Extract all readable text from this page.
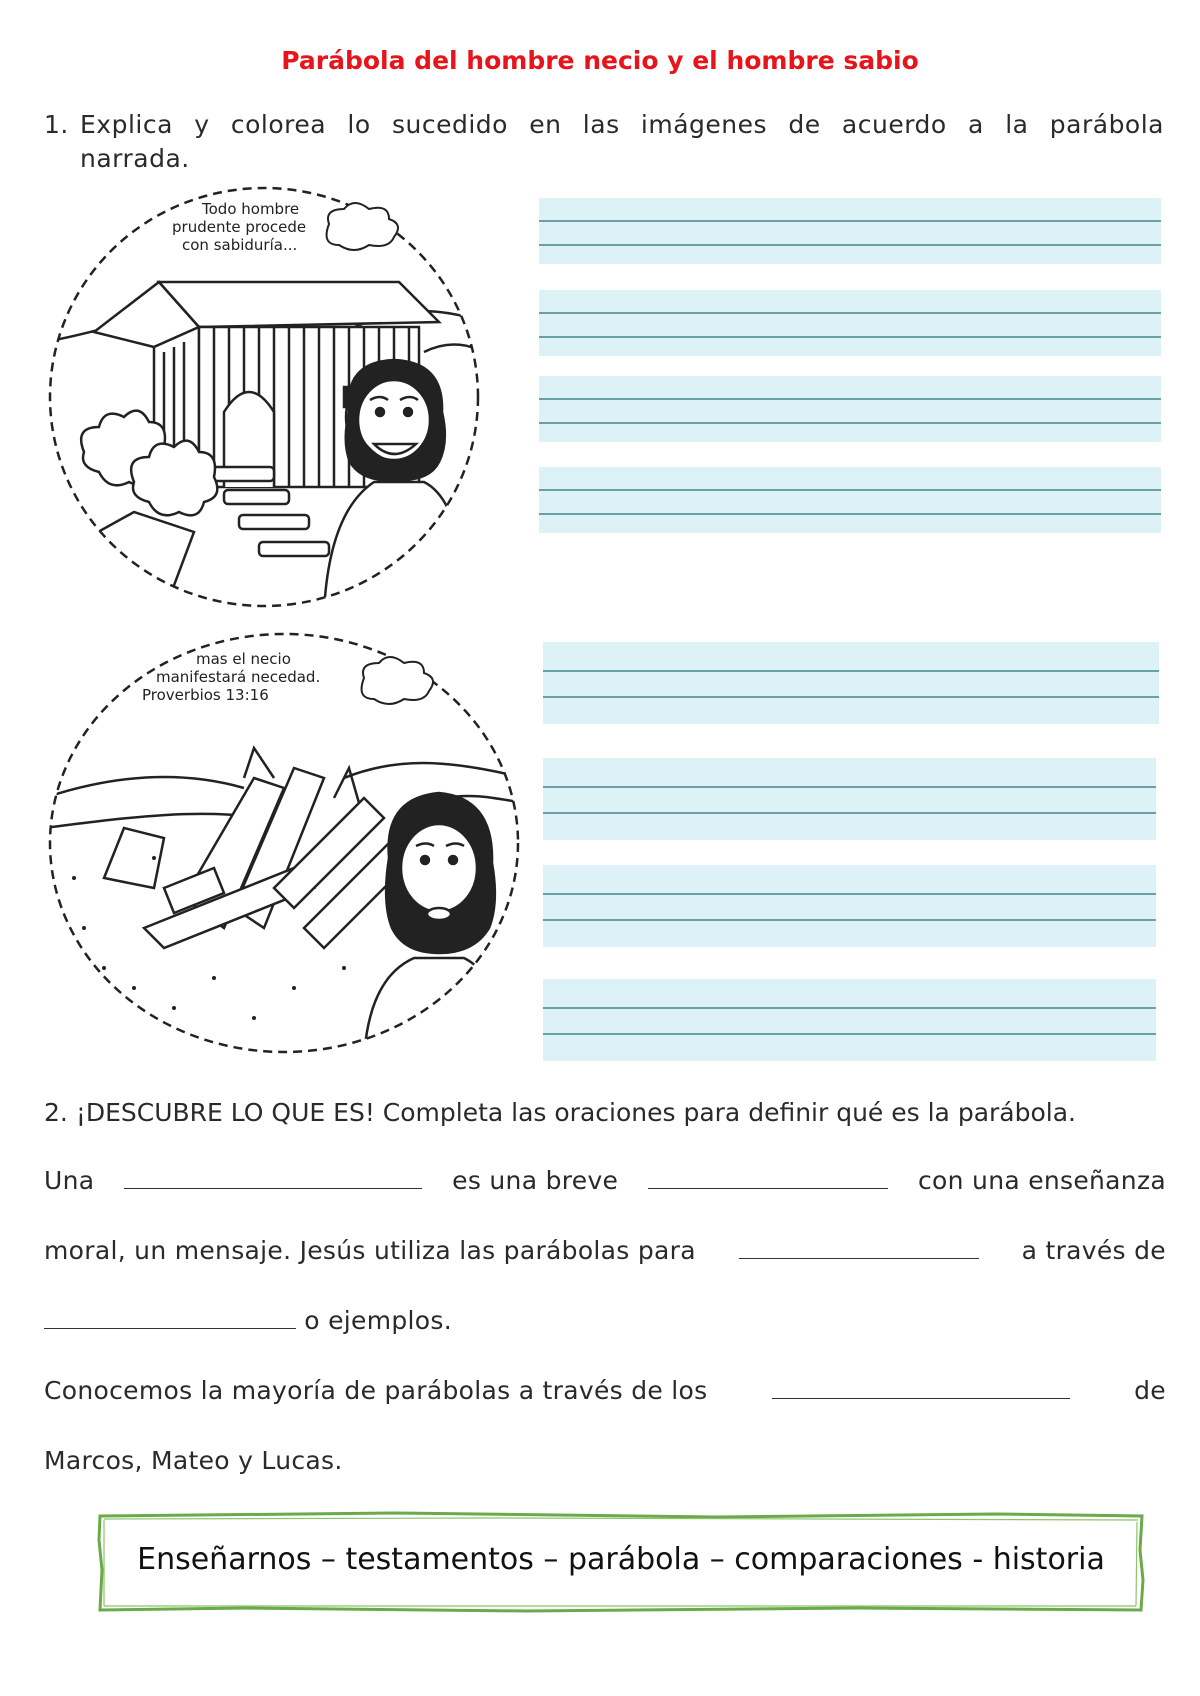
Parábola del hombre necio y el hombre sabio
1. Explica y colorea lo sucedido en las imágenes de acuerdo a la parábola narrada.
Todo hombre
prudente procede
con sabiduría...
mas el necio
manifestará necedad.
Proverbios 13:16
2. ¡DESCUBRE LO QUE ES! Completa las oraciones para definir qué es la parábola.
Una	es una breve	con una enseñanza
moral, un mensaje. Jesús utiliza las parábolas para	a través de
o ejemplos.
Conocemos la mayoría de parábolas a través de los	de
Marcos, Mateo y Lucas.
Enseñarnos – testamentos – parábola – comparaciones - historia
